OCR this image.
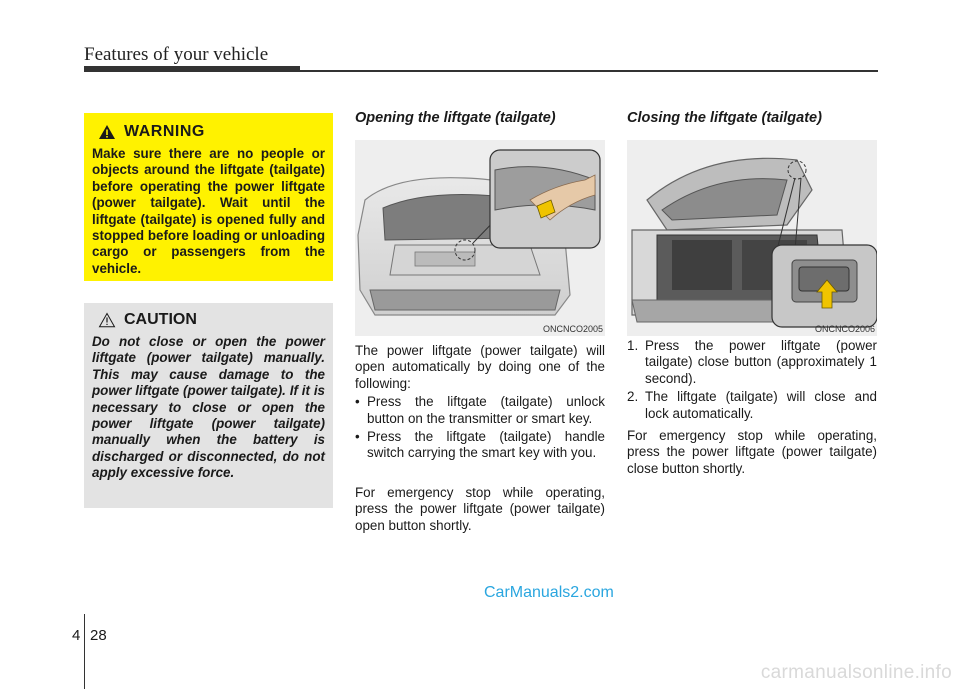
Features of your vehicle
WARNING
Make sure there are no people or objects around the liftgate (tailgate) before operating the power liftgate (power tailgate). Wait until the liftgate (tailgate) is opened fully and stopped before loading or unloading cargo or passengers from the vehicle.
CAUTION
Do not close or open the power liftgate (power tailgate) manually. This may cause damage to the power liftgate (power tailgate). If it is necessary to close or open the power liftgate (power tailgate) manually when the battery is discharged or disconnected, do not apply excessive force.

Opening the liftgate (tailgate)

ONCNCO2005

The power liftgate (power tailgate) will open automatically by doing one of the following:

• Press the liftgate (tailgate) unlock button on the transmitter or smart key.
• Press the liftgate (tailgate) handle switch carrying the smart key with you.

For emergency stop while operating, press the power liftgate (power tailgate) open button shortly.

Closing the liftgate (tailgate)

ONCNCO2006
1. Press the power liftgate (power tailgate) close button (approximately 1 second).
2. The liftgate (tailgate) will close and lock automatically.

For emergency stop while operating, press the power liftgate (power tailgate) close button shortly.

CarManuals2.com
4 28
carmanualsonline.info
